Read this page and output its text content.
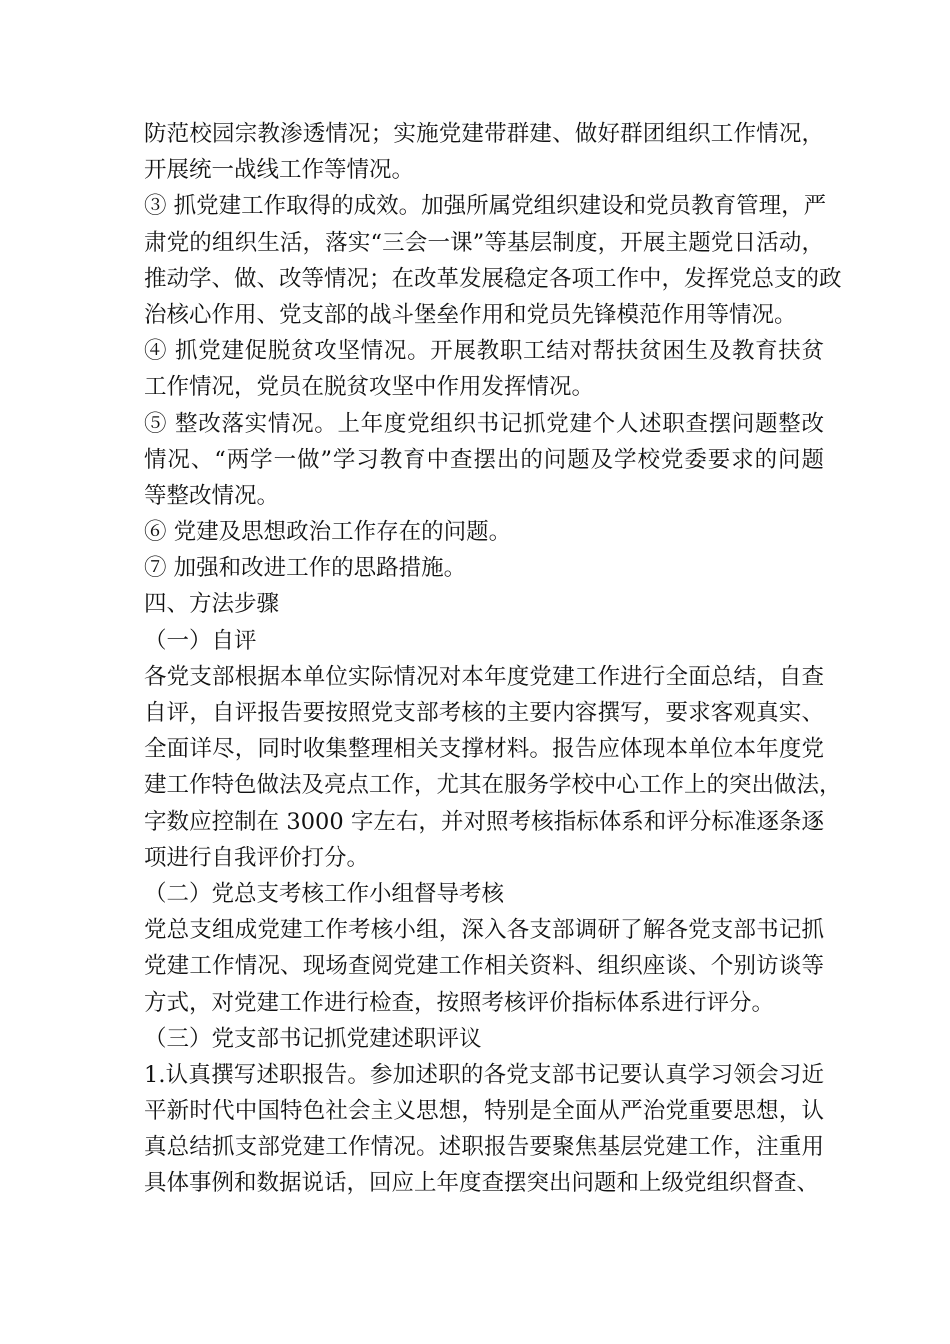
防范校园宗教渗透情况；实施党建带群建、做好群团组织工作情况，
开展统一战线工作等情况。
③ 抓党建工作取得的成效。加强所属党组织建设和党员教育管理，严
肃党的组织生活，落实“三会一课”等基层制度，开展主题党日活动，
推动学、做、改等情况；在改革发展稳定各项工作中，发挥党总支的政
治核心作用、党支部的战斗堡垒作用和党员先锋模范作用等情况。
④ 抓党建促脱贫攻坚情况。开展教职工结对帮扶贫困生及教育扶贫
工作情况，党员在脱贫攻坚中作用发挥情况。
⑤ 整改落实情况。上年度党组织书记抓党建个人述职查摆问题整改
情况、“两学一做”学习教育中查摆出的问题及学校党委要求的问题
等整改情况。
⑥ 党建及思想政治工作存在的问题。
⑦ 加强和改进工作的思路措施。
四、方法步骤
（一）自评
各党支部根据本单位实际情况对本年度党建工作进行全面总结，自查
自评，自评报告要按照党支部考核的主要内容撰写，要求客观真实、
全面详尽，同时收集整理相关支撑材料。报告应体现本单位本年度党
建工作特色做法及亮点工作，尤其在服务学校中心工作上的突出做法，
字数应控制在 3000 字左右，并对照考核指标体系和评分标准逐条逐
项进行自我评价打分。
（二）党总支考核工作小组督导考核
党总支组成党建工作考核小组，深入各支部调研了解各党支部书记抓
党建工作情况、现场查阅党建工作相关资料、组织座谈、个别访谈等
方式，对党建工作进行检查，按照考核评价指标体系进行评分。
（三）党支部书记抓党建述职评议
1.认真撰写述职报告。参加述职的各党支部书记要认真学习领会习近
平新时代中国特色社会主义思想，特别是全面从严治党重要思想，认
真总结抓支部党建工作情况。述职报告要聚焦基层党建工作，注重用
具体事例和数据说话，回应上年度查摆突出问题和上级党组织督查、
